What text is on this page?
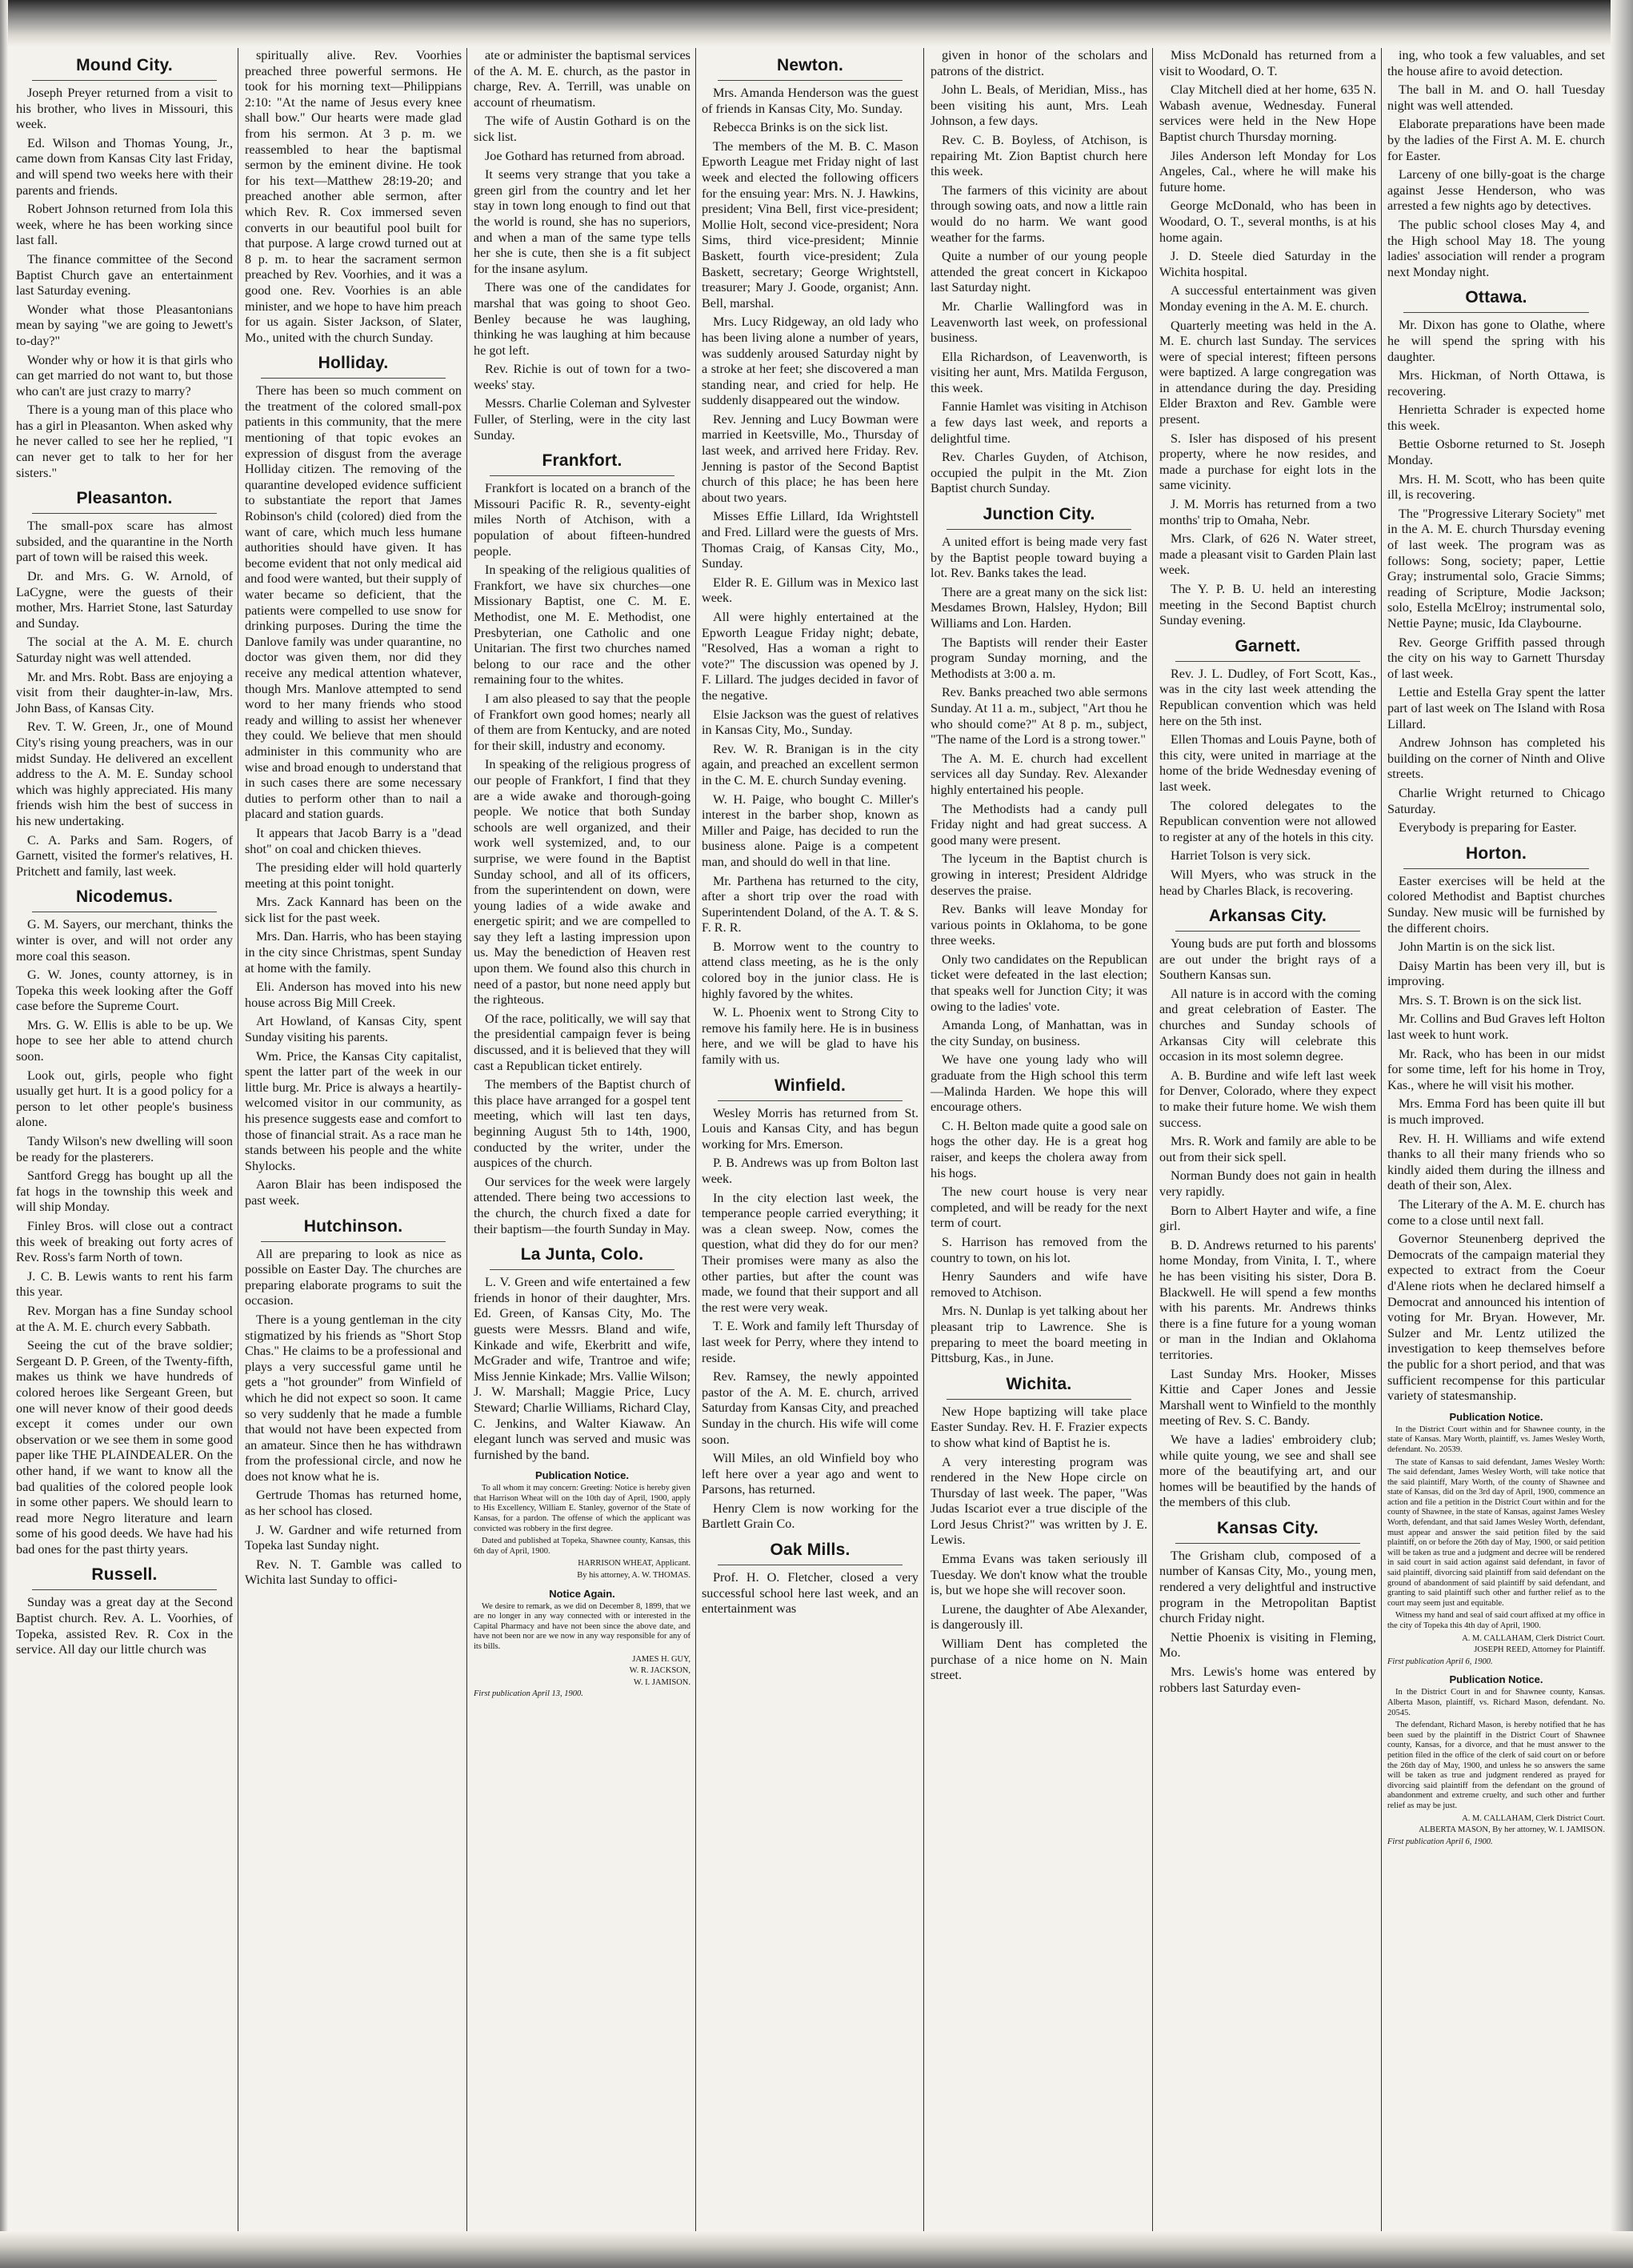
Mound City.

Joseph Preyer returned from a visit to his brother, who lives in Missouri, this week.

Ed. Wilson and Thomas Young, Jr., came down from Kansas City last Friday, and will spend two weeks here with their parents and friends.

Robert Johnson returned from Iola this week, where he has been working since last fall.

The finance committee of the Second Baptist Church gave an entertainment last Saturday evening.

Wonder what those Pleasantonians mean by saying "we are going to Jewett's to-day?"

Wonder why or how it is that girls who can get married do not want to, but those who can't are just crazy to marry?

There is a young man of this place who has a girl in Pleasanton. When asked why he never called to see her he replied, "I can never get to talk to her for her sisters."

Pleasanton.

The small-pox scare has almost subsided, and the quarantine in the North part of town will be raised this week.

Dr. and Mrs. G. W. Arnold, of LaCygne, were the guests of their mother, Mrs. Harriet Stone, last Saturday and Sunday.

The social at the A. M. E. church Saturday night was well attended.

Mr. and Mrs. Robt. Bass are enjoying a visit from their daughter-in-law, Mrs. John Bass, of Kansas City.

Rev. T. W. Green, Jr., one of Mound City's rising young preachers, was in our midst Sunday. He delivered an excellent address to the A. M. E. Sunday school which was highly appreciated. His many friends wish him the best of success in his new undertaking.

C. A. Parks and Sam. Rogers, of Garnett, visited the former's relatives, H. Pritchett and family, last week.

Nicodemus.

G. M. Sayers, our merchant, thinks the winter is over, and will not order any more coal this season.

G. W. Jones, county attorney, is in Topeka this week looking after the Goff case before the Supreme Court.

Mrs. G. W. Ellis is able to be up. We hope to see her able to attend church soon.

Look out, girls, people who fight usually get hurt. It is a good policy for a person to let other people's business alone.

Tandy Wilson's new dwelling will soon be ready for the plasterers.

Santford Gregg has bought up all the fat hogs in the township this week and will ship Monday.

Finley Bros. will close out a contract this week of breaking out forty acres of Rev. Ross's farm North of town.

J. C. B. Lewis wants to rent his farm this year.

Rev. Morgan has a fine Sunday school at the A. M. E. church every Sabbath.

Seeing the cut of the brave soldier; Sergeant D. P. Green, of the Twenty-fifth, makes us think we have hundreds of colored heroes like Sergeant Green, but one will never know of their good deeds except it comes under our own observation or we see them in some good paper like THE PLAINDEALER. On the other hand, if we want to know all the bad qualities of the colored people look in some other papers. We should learn to read more Negro literature and learn some of his good deeds. We have had his bad ones for the past thirty years.

Russell.

Sunday was a great day at the Second Baptist church. Rev. A. L. Voorhies, of Topeka, assisted Rev. R. Cox in the service. All day our little church was

spiritually alive. Rev. Voorhies preached three powerful sermons. He took for his morning text—Philippians 2:10: "At the name of Jesus every knee shall bow." Our hearts were made glad from his sermon. At 3 p. m. we reassembled to hear the baptismal sermon by the eminent divine. He took for his text—Matthew 28:19-20; and preached another able sermon, after which Rev. R. Cox immersed seven converts in our beautiful pool built for that purpose. A large crowd turned out at 8 p. m. to hear the sacrament sermon preached by Rev. Voorhies, and it was a good one. Rev. Voorhies is an able minister, and we hope to have him preach for us again. Sister Jackson, of Slater, Mo., united with the church Sunday.

Holliday.

There has been so much comment on the treatment of the colored small-pox patients in this community, that the mere mentioning of that topic evokes an expression of disgust from the average Holliday citizen. The removing of the quarantine developed evidence sufficient to substantiate the report that James Robinson's child (colored) died from the want of care, which much less humane authorities should have given. It has become evident that not only medical aid and food were wanted, but their supply of water became so deficient, that the patients were compelled to use snow for drinking purposes. During the time the Danlove family was under quarantine, no doctor was given them, nor did they receive any medical attention whatever, though Mrs. Manlove attempted to send word to her many friends who stood ready and willing to assist her whenever they could. We believe that men should administer in this community who are wise and broad enough to understand that in such cases there are some necessary duties to perform other than to nail a placard and station guards.

It appears that Jacob Barry is a "dead shot" on coal and chicken thieves.

The presiding elder will hold quarterly meeting at this point tonight.

Mrs. Zack Kannard has been on the sick list for the past week.

Mrs. Dan. Harris, who has been staying in the city since Christmas, spent Sunday at home with the family.

Eli. Anderson has moved into his new house across Big Mill Creek.

Art Howland, of Kansas City, spent Sunday visiting his parents.

Wm. Price, the Kansas City capitalist, spent the latter part of the week in our little burg. Mr. Price is always a heartily-welcomed visitor in our community, as his presence suggests ease and comfort to those of financial strait. As a race man he stands between his people and the white Shylocks.

Aaron Blair has been indisposed the past week.

Hutchinson.

All are preparing to look as nice as possible on Easter Day. The churches are preparing elaborate programs to suit the occasion.

There is a young gentleman in the city stigmatized by his friends as "Short Stop Chas." He claims to be a professional and plays a very successful game until he gets a "hot grounder" from Winfield of which he did not expect so soon. It came so very suddenly that he made a fumble that would not have been expected from an amateur. Since then he has withdrawn from the professional circle, and now he does not know what he is.

Gertrude Thomas has returned home, as her school has closed.

J. W. Gardner and wife returned from Topeka last Sunday night.

Rev. N. T. Gamble was called to Wichita last Sunday to offici-

ate or administer the baptismal services of the A. M. E. church, as the pastor in charge, Rev. A. Terrill, was unable on account of rheumatism.

The wife of Austin Gothard is on the sick list.

Joe Gothard has returned from abroad.

It seems very strange that you take a green girl from the country and let her stay in town long enough to find out that the world is round, she has no superiors, and when a man of the same type tells her she is cute, then she is a fit subject for the insane asylum.

There was one of the candidates for marshal that was going to shoot Geo. Benley because he was laughing, thinking he was laughing at him because he got left.

Rev. Richie is out of town for a two-weeks' stay.

Messrs. Charlie Coleman and Sylvester Fuller, of Sterling, were in the city last Sunday.

Frankfort.

Frankfort is located on a branch of the Missouri Pacific R. R., seventy-eight miles North of Atchison, with a population of about fifteen-hundred people.

In speaking of the religious qualities of Frankfort, we have six churches—one Missionary Baptist, one C. M. E. Methodist, one M. E. Methodist, one Presbyterian, one Catholic and one Unitarian. The first two churches named belong to our race and the other remaining four to the whites.

I am also pleased to say that the people of Frankfort own good homes; nearly all of them are from Kentucky, and are noted for their skill, industry and economy.

In speaking of the religious progress of our people of Frankfort, I find that they are a wide awake and thorough-going people. We notice that both Sunday schools are well organized, and their work well systemized, and, to our surprise, we were found in the Baptist Sunday school, and all of its officers, from the superintendent on down, were young ladies of a wide awake and energetic spirit; and we are compelled to say they left a lasting impression upon us. May the benediction of Heaven rest upon them. We found also this church in need of a pastor, but none need apply but the righteous.

Of the race, politically, we will say that the presidential campaign fever is being discussed, and it is believed that they will cast a Republican ticket entirely.

The members of the Baptist church of this place have arranged for a gospel tent meeting, which will last ten days, beginning August 5th to 14th, 1900, conducted by the writer, under the auspices of the church.

Our services for the week were largely attended. There being two accessions to the church, the church fixed a date for their baptism—the fourth Sunday in May.

La Junta, Colo.

L. V. Green and wife entertained a few friends in honor of their daughter, Mrs. Ed. Green, of Kansas City, Mo. The guests were Messrs. Bland and wife, Kinkade and wife, Ekerbritt and wife, McGrader and wife, Trantroe and wife; Miss Jennie Kinkade; Mrs. Vallie Wilson; J. W. Marshall; Maggie Price, Lucy Steward; Charlie Williams, Richard Clay, C. Jenkins, and Walter Kiawaw. An elegant lunch was served and music was furnished by the band.

Publication Notice.

To all whom it may concern: Greeting: Notice is hereby given that Harrison Wheat will on the 10th day of April, 1900, apply to His Excellency, William E. Stanley, governor of the State of Kansas, for a pardon. The offense of which the applicant was convicted was robbery in the first degree.

Dated and published at Topeka, Shawnee county, Kansas, this 6th day of April, 1900.

HARRISON WHEAT, Applicant.

By his attorney, A. W. THOMAS.

Notice Again.

We desire to remark, as we did on December 8, 1899, that we are no longer in any way connected with or interested in the Capital Pharmacy and have not been since the above date, and have not been nor are we now in any way responsible for any of its bills.

JAMES H. GUY,

W. R. JACKSON,

W. I. JAMISON.

First publication April 13, 1900.

Newton.

Mrs. Amanda Henderson was the guest of friends in Kansas City, Mo. Sunday.

Rebecca Brinks is on the sick list.

The members of the M. B. C. Mason Epworth League met Friday night of last week and elected the following officers for the ensuing year: Mrs. N. J. Hawkins, president; Vina Bell, first vice-president; Mollie Holt, second vice-president; Nora Sims, third vice-president; Minnie Baskett, fourth vice-president; Zula Baskett, secretary; George Wrightstell, treasurer; Mary J. Goode, organist; Ann. Bell, marshal.

Mrs. Lucy Ridgeway, an old lady who has been living alone a number of years, was suddenly aroused Saturday night by a stroke at her feet; she discovered a man standing near, and cried for help. He suddenly disappeared out the window.

Rev. Jenning and Lucy Bowman were married in Keetsville, Mo., Thursday of last week, and arrived here Friday. Rev. Jenning is pastor of the Second Baptist church of this place; he has been here about two years.

Misses Effie Lillard, Ida Wrightstell and Fred. Lillard were the guests of Mrs. Thomas Craig, of Kansas City, Mo., Sunday.

Elder R. E. Gillum was in Mexico last week.

All were highly entertained at the Epworth League Friday night; debate, "Resolved, Has a woman a right to vote?" The discussion was opened by J. F. Lillard. The judges decided in favor of the negative.

Elsie Jackson was the guest of relatives in Kansas City, Mo., Sunday.

Rev. W. R. Branigan is in the city again, and preached an excellent sermon in the C. M. E. church Sunday evening.

W. H. Paige, who bought C. Miller's interest in the barber shop, known as Miller and Paige, has decided to run the business alone. Paige is a competent man, and should do well in that line.

Mr. Parthena has returned to the city, after a short trip over the road with Superintendent Doland, of the A. T. & S. F. R. R.

B. Morrow went to the country to attend class meeting, as he is the only colored boy in the junior class. He is highly favored by the whites.

W. L. Phoenix went to Strong City to remove his family here. He is in business here, and we will be glad to have his family with us.

Winfield.

Wesley Morris has returned from St. Louis and Kansas City, and has begun working for Mrs. Emerson.

P. B. Andrews was up from Bolton last week.

In the city election last week, the temperance people carried everything; it was a clean sweep. Now, comes the question, what did they do for our men? Their promises were many as also the other parties, but after the count was made, we found that their support and all the rest were very weak.

T. E. Work and family left Thursday of last week for Perry, where they intend to reside.

Rev. Ramsey, the newly appointed pastor of the A. M. E. church, arrived Saturday from Kansas City, and preached Sunday in the church. His wife will come soon.

Will Miles, an old Winfield boy who left here over a year ago and went to Parsons, has returned.

Henry Clem is now working for the Bartlett Grain Co.

Oak Mills.

Prof. H. O. Fletcher, closed a very successful school here last week, and an entertainment was

given in honor of the scholars and patrons of the district.

John L. Beals, of Meridian, Miss., has been visiting his aunt, Mrs. Leah Johnson, a few days.

Rev. C. B. Boyless, of Atchison, is repairing Mt. Zion Baptist church here this week.

The farmers of this vicinity are about through sowing oats, and now a little rain would do no harm. We want good weather for the farms.

Quite a number of our young people attended the great concert in Kickapoo last Saturday night.

Mr. Charlie Wallingford was in Leavenworth last week, on professional business.

Ella Richardson, of Leavenworth, is visiting her aunt, Mrs. Matilda Ferguson, this week.

Fannie Hamlet was visiting in Atchison a few days last week, and reports a delightful time.

Rev. Charles Guyden, of Atchison, occupied the pulpit in the Mt. Zion Baptist church Sunday.

Junction City.

A united effort is being made very fast by the Baptist people toward buying a lot. Rev. Banks takes the lead.

There are a great many on the sick list: Mesdames Brown, Halsley, Hydon; Bill Williams and Lon. Harden.

The Baptists will render their Easter program Sunday morning, and the Methodists at 3:00 a. m.

Rev. Banks preached two able sermons Sunday. At 11 a. m., subject, "Art thou he who should come?" At 8 p. m., subject, "The name of the Lord is a strong tower."

The A. M. E. church had excellent services all day Sunday. Rev. Alexander highly entertained his people.

The Methodists had a candy pull Friday night and had great success. A good many were present.

The lyceum in the Baptist church is growing in interest; President Aldridge deserves the praise.

Rev. Banks will leave Monday for various points in Oklahoma, to be gone three weeks.

Only two candidates on the Republican ticket were defeated in the last election; that speaks well for Junction City; it was owing to the ladies' vote.

Amanda Long, of Manhattan, was in the city Sunday, on business.

We have one young lady who will graduate from the High school this term—Malinda Harden. We hope this will encourage others.

C. H. Belton made quite a good sale on hogs the other day. He is a great hog raiser, and keeps the cholera away from his hogs.

The new court house is very near completed, and will be ready for the next term of court.

S. Harrison has removed from the country to town, on his lot.

Henry Saunders and wife have removed to Atchison.

Mrs. N. Dunlap is yet talking about her pleasant trip to Lawrence. She is preparing to meet the board meeting in Pittsburg, Kas., in June.

Wichita.

New Hope baptizing will take place Easter Sunday. Rev. H. F. Frazier expects to show what kind of Baptist he is.

A very interesting program was rendered in the New Hope circle on Thursday of last week. The paper, "Was Judas Iscariot ever a true disciple of the Lord Jesus Christ?" was written by J. E. Lewis.

Emma Evans was taken seriously ill Tuesday. We don't know what the trouble is, but we hope she will recover soon.

Lurene, the daughter of Abe Alexander, is dangerously ill.

William Dent has completed the purchase of a nice home on N. Main street.

Miss McDonald has returned from a visit to Woodard, O. T.

Clay Mitchell died at her home, 635 N. Wabash avenue, Wednesday. Funeral services were held in the New Hope Baptist church Thursday morning.

Jiles Anderson left Monday for Los Angeles, Cal., where he will make his future home.

George McDonald, who has been in Woodard, O. T., several months, is at his home again.

J. D. Steele died Saturday in the Wichita hospital.

A successful entertainment was given Monday evening in the A. M. E. church.

Quarterly meeting was held in the A. M. E. church last Sunday. The services were of special interest; fifteen persons were baptized. A large congregation was in attendance during the day. Presiding Elder Braxton and Rev. Gamble were present.

S. Isler has disposed of his present property, where he now resides, and made a purchase for eight lots in the same vicinity.

J. M. Morris has returned from a two months' trip to Omaha, Nebr.

Mrs. Clark, of 626 N. Water street, made a pleasant visit to Garden Plain last week.

The Y. P. B. U. held an interesting meeting in the Second Baptist church Sunday evening.

Garnett.

Rev. J. L. Dudley, of Fort Scott, Kas., was in the city last week attending the Republican convention which was held here on the 5th inst.

Ellen Thomas and Louis Payne, both of this city, were united in marriage at the home of the bride Wednesday evening of last week.

The colored delegates to the Republican convention were not allowed to register at any of the hotels in this city.

Harriet Tolson is very sick.

Will Myers, who was struck in the head by Charles Black, is recovering.

Arkansas City.

Young buds are put forth and blossoms are out under the bright rays of a Southern Kansas sun.

All nature is in accord with the coming and great celebration of Easter. The churches and Sunday schools of Arkansas City will celebrate this occasion in its most solemn degree.

A. B. Burdine and wife left last week for Denver, Colorado, where they expect to make their future home. We wish them success.

Mrs. R. Work and family are able to be out from their sick spell.

Norman Bundy does not gain in health very rapidly.

Born to Albert Hayter and wife, a fine girl.

B. D. Andrews returned to his parents' home Monday, from Vinita, I. T., where he has been visiting his sister, Dora B. Blackwell. He will spend a few months with his parents. Mr. Andrews thinks there is a fine future for a young woman or man in the Indian and Oklahoma territories.

Last Sunday Mrs. Hooker, Misses Kittie and Caper Jones and Jessie Marshall went to Winfield to the monthly meeting of Rev. S. C. Bandy.

We have a ladies' embroidery club; while quite young, we see and shall see more of the beautifying art, and our homes will be beautified by the hands of the members of this club.

Kansas City.

The Grisham club, composed of a number of Kansas City, Mo., young men, rendered a very delightful and instructive program in the Metropolitan Baptist church Friday night.

Nettie Phoenix is visiting in Fleming, Mo.

Mrs. Lewis's home was entered by robbers last Saturday even-

ing, who took a few valuables, and set the house afire to avoid detection.

The ball in M. and O. hall Tuesday night was well attended.

Elaborate preparations have been made by the ladies of the First A. M. E. church for Easter.

Larceny of one billy-goat is the charge against Jesse Henderson, who was arrested a few nights ago by detectives.

The public school closes May 4, and the High school May 18. The young ladies' association will render a program next Monday night.

Ottawa.

Mr. Dixon has gone to Olathe, where he will spend the spring with his daughter.

Mrs. Hickman, of North Ottawa, is recovering.

Henrietta Schrader is expected home this week.

Bettie Osborne returned to St. Joseph Monday.

Mrs. H. M. Scott, who has been quite ill, is recovering.

The "Progressive Literary Society" met in the A. M. E. church Thursday evening of last week. The program was as follows: Song, society; paper, Lettie Gray; instrumental solo, Gracie Simms; reading of Scripture, Modie Jackson; solo, Estella McElroy; instrumental solo, Nettie Payne; music, Ida Claybourne.

Rev. George Griffith passed through the city on his way to Garnett Thursday of last week.

Lettie and Estella Gray spent the latter part of last week on The Island with Rosa Lillard.

Andrew Johnson has completed his building on the corner of Ninth and Olive streets.

Charlie Wright returned to Chicago Saturday.

Everybody is preparing for Easter.

Horton.

Easter exercises will be held at the colored Methodist and Baptist churches Sunday. New music will be furnished by the different choirs.

John Martin is on the sick list.

Daisy Martin has been very ill, but is improving.

Mrs. S. T. Brown is on the sick list.

Mr. Collins and Bud Graves left Holton last week to hunt work.

Mr. Rack, who has been in our midst for some time, left for his home in Troy, Kas., where he will visit his mother.

Mrs. Emma Ford has been quite ill but is much improved.

Rev. H. H. Williams and wife extend thanks to all their many friends who so kindly aided them during the illness and death of their son, Alex.

The Literary of the A. M. E. church has come to a close until next fall.

Governor Steunenberg deprived the Democrats of the campaign material they expected to extract from the Coeur d'Alene riots when he declared himself a Democrat and announced his intention of voting for Mr. Bryan. However, Mr. Sulzer and Mr. Lentz utilized the investigation to keep themselves before the public for a short period, and that was sufficient recompense for this particular variety of statesmanship.

Publication Notice.

In the District Court within and for Shawnee county, in the state of Kansas. Mary Worth, plaintiff, vs. James Wesley Worth, defendant. No. 20539.

The state of Kansas to said defendant, James Wesley Worth: The said defendant, James Wesley Worth, will take notice that the said plaintiff, Mary Worth, of the county of Shawnee and state of Kansas, did on the 3rd day of April, 1900, commence an action and file a petition in the District Court within and for the county of Shawnee, in the state of Kansas, against James Wesley Worth, defendant, and that said James Wesley Worth, defendant, must appear and answer the said petition filed by the said plaintiff, on or before the 26th day of May, 1900, or said petition will be taken as true and a judgment and decree will be rendered in said court in said action against said defendant, in favor of said plaintiff, divorcing said plaintiff from said defendant on the ground of abandonment of said plaintiff by said defendant, and granting to said plaintiff such other and further relief as to the court may seem just and equitable.

Witness my hand and seal of said court affixed at my office in the city of Topeka this 4th day of April, 1900.

A. M. CALLAHAM, Clerk District Court.

JOSEPH REED, Attorney for Plaintiff.

First publication April 6, 1900.

Publication Notice.

In the District Court in and for Shawnee county, Kansas. Alberta Mason, plaintiff, vs. Richard Mason, defendant. No. 20545.

The defendant, Richard Mason, is hereby notified that he has been sued by the plaintiff in the District Court of Shawnee county, Kansas, for a divorce, and that he must answer to the petition filed in the office of the clerk of said court on or before the 26th day of May, 1900, and unless he so answers the same will be taken as true and judgment rendered as prayed for divorcing said plaintiff from the defendant on the ground of abandonment and extreme cruelty, and such other and further relief as may be just.

A. M. CALLAHAM, Clerk District Court.

ALBERTA MASON, By her attorney, W. I. JAMISON.

First publication April 6, 1900.
